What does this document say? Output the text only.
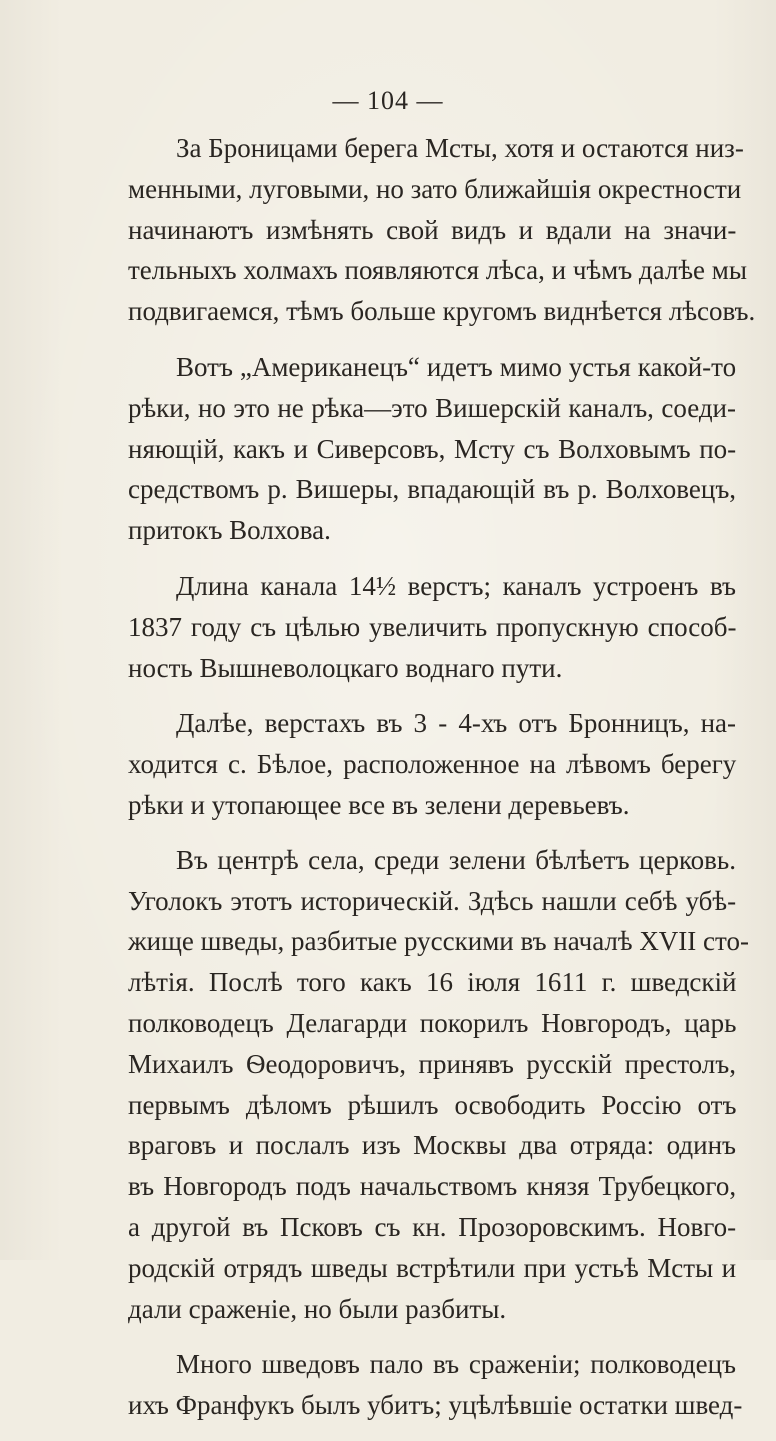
— 104 —
За Броницами берега Мсты, хотя и остаются низ-
менными, луговыми, но зато ближайшія окрестности
начинаютъ измѣнять свой видъ и вдали на значи-
тельныхъ холмахъ появляются лѣса, и чѣмъ далѣе мы
подвигаемся, тѣмъ больше кругомъ виднѣется лѣсовъ.
Вотъ „Американецъ“ идетъ мимо устья какой-то
рѣки, но это не рѣка—это Вишерскій каналъ, соеди-
няющій, какъ и Сиверсовъ, Мсту съ Волховымъ по-
средствомъ р. Вишеры, впадающій въ р. Волховецъ,
притокъ Волхова.
Длина канала 14½ верстъ; каналъ устроенъ въ
1837 году съ цѣлью увеличить пропускную способ-
ность Вышневолоцкаго воднаго пути.
Далѣе, верстахъ въ 3 - 4-хъ отъ Бронницъ, на-
ходится с. Бѣлое, расположенное на лѣвомъ берегу
рѣки и утопающее все въ зелени деревьевъ.
Въ центрѣ села, среди зелени бѣлѣетъ церковь.
Уголокъ этотъ историческій. Здѣсь нашли себѣ убѣ-
жище шведы, разбитые русскими въ началѣ XVII сто-
лѣтія. Послѣ того какъ 16 іюля 1611 г. шведскій
полководецъ Делагарди покорилъ Новгородъ, царь
Михаилъ Ѳеодоровичъ, принявъ русскій престолъ,
первымъ дѣломъ рѣшилъ освободить Россію отъ
враговъ и послалъ изъ Москвы два отряда: одинъ
въ Новгородъ подъ начальствомъ князя Трубецкого,
а другой въ Псковъ съ кн. Прозоровскимъ. Новго-
родскій отрядъ шведы встрѣтили при устьѣ Мсты и
дали сраженіе, но были разбиты.
Много шведовъ пало въ сраженіи; полководецъ
ихъ Франфукъ былъ убитъ; уцѣлѣвшіе остатки швед-
